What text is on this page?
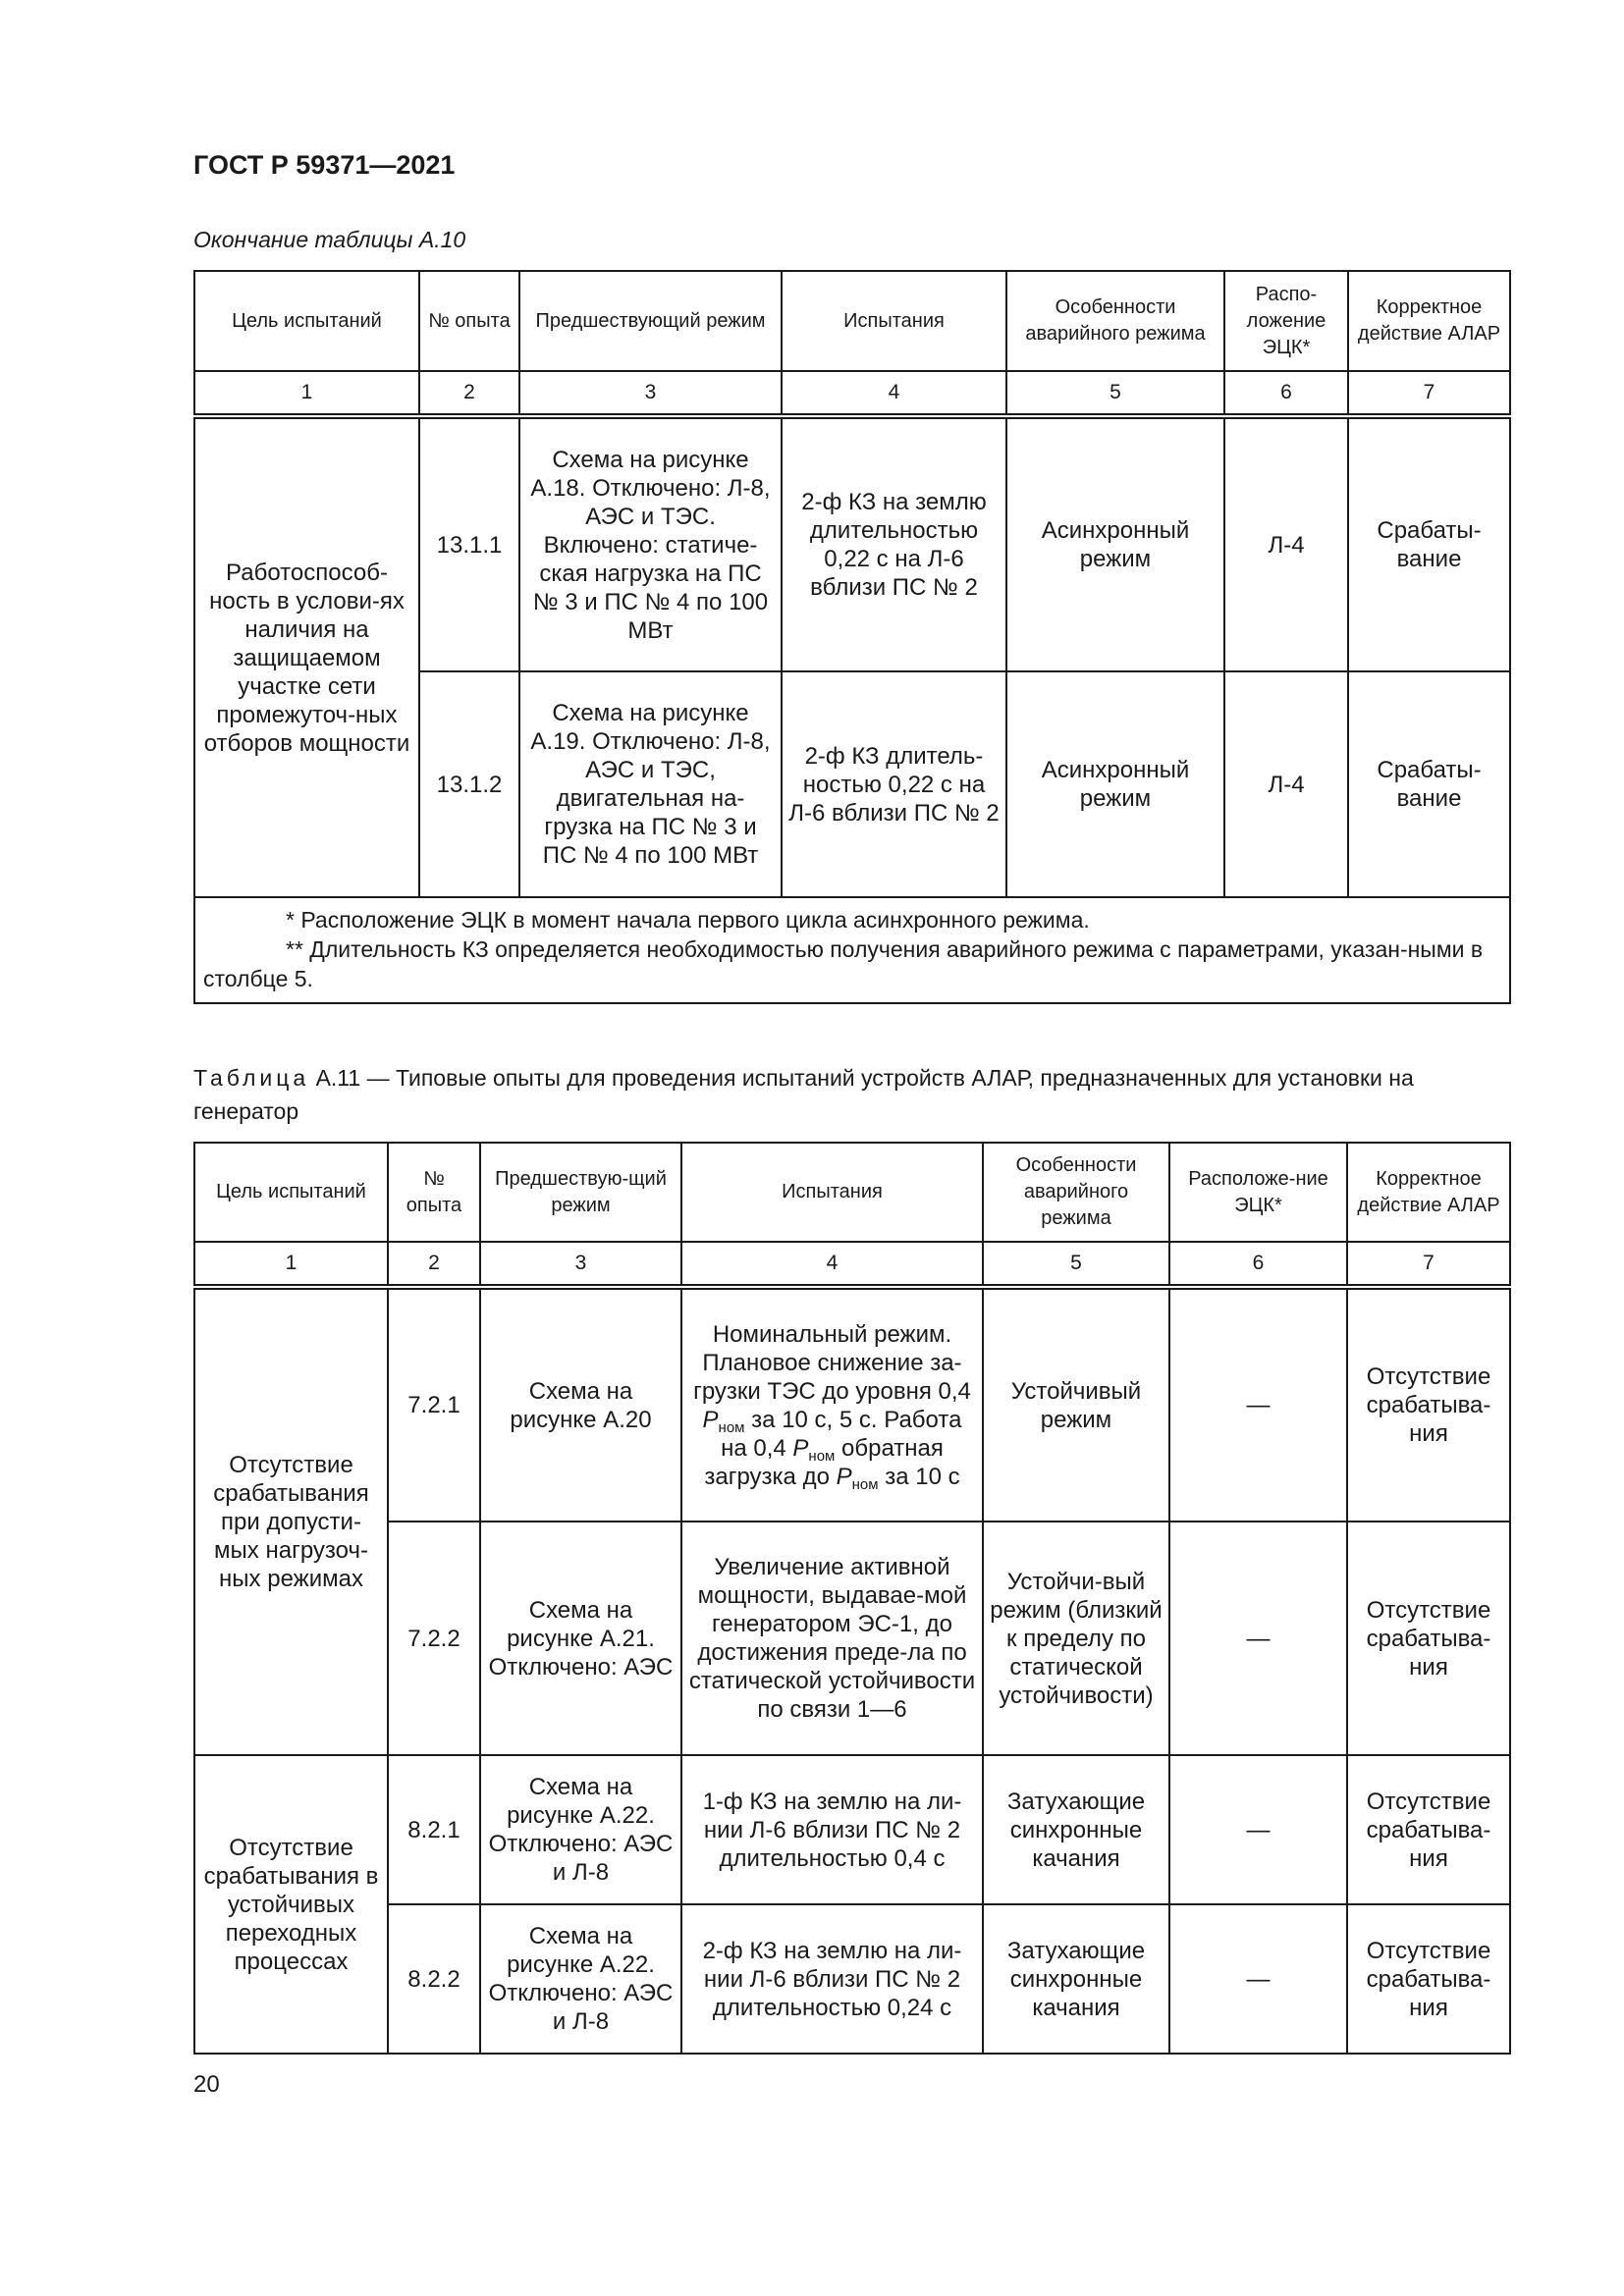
ГОСТ Р 59371—2021
Окончание таблицы А.10
Цель испытаний	№ опыта	Предшествующий режим	Испытания	Особенности аварийного режима	Распо-ложение ЭЦК*	Корректное действие АЛАР
1	2	3	4	5	6	7
Работоспособ-ность в услови-ях наличия на защищаемом участке сети промежуточ-ных отборов мощности	13.1.1	Схема на рисунке А.18. Отключено: Л-8, АЭС и ТЭС. Включено: статиче-ская нагрузка на ПС № 3 и ПС № 4 по 100 МВт	2-ф КЗ на землю длительностью 0,22 с на Л-6 вблизи ПС № 2	Асинхронный режим	Л-4	Срабаты-вание
	13.1.2	Схема на рисунке А.19. Отключено: Л-8, АЭС и ТЭС, двигательная на-грузка на ПС № 3 и ПС № 4 по 100 МВт	2-ф КЗ длитель-ностью 0,22 с на Л-6 вблизи ПС № 2	Асинхронный режим	Л-4	Срабаты-вание

* Расположение ЭЦК в момент начала первого цикла асинхронного режима.
** Длительность КЗ определяется необходимостью получения аварийного режима с параметрами, указан-ными в столбце 5.						
Таблица А.11 — Типовые опыты для проведения испытаний устройств АЛАР, предназначенных для установки на генератор
Цель испытаний	№ опыта	Предшествую-щий режим	Испытания	Особенности аварийного режима	Расположе-ние ЭЦК*	Корректное действие АЛАР
1	2	3	4	5	6	7
Отсутствие срабатывания при допусти-мых нагрузоч-ных режимах	7.2.1	Схема на рисунке А.20	Номинальный режим. Плановое снижение за-грузки ТЭС до уровня 0,4 $P_{ном}$ за 10 с, 5 с. Работа на 0,4 $P_{ном}$ обратная загрузка до $P_{ном}$ за 10 с	Устойчивый режим	—	Отсутствие срабатыва-ния
	7.2.2	Схема на рисунке А.21. Отключено: АЭС	Увеличение активной мощности, выдавае-мой генератором ЭС-1, до достижения преде-ла по статической устойчивости по связи 1—6	Устойчи-вый режим (близкий к пределу по статической устойчивости)	—	Отсутствие срабатыва-ния
Отсутствие срабатывания в устойчивых переходных процессах	8.2.1	Схема на рисунке А.22. Отключено: АЭС и Л-8	1-ф КЗ на землю на ли-нии Л-6 вблизи ПС № 2 длительностью 0,4 с	Затухающие синхронные качания	—	Отсутствие срабатыва-ния
	8.2.2	Схема на рисунке А.22. Отключено: АЭС и Л-8	2-ф КЗ на землю на ли-нии Л-6 вблизи ПС № 2 длительностью 0,24 с	Затухающие синхронные качания	—	Отсутствие срабатыва-ния
20
